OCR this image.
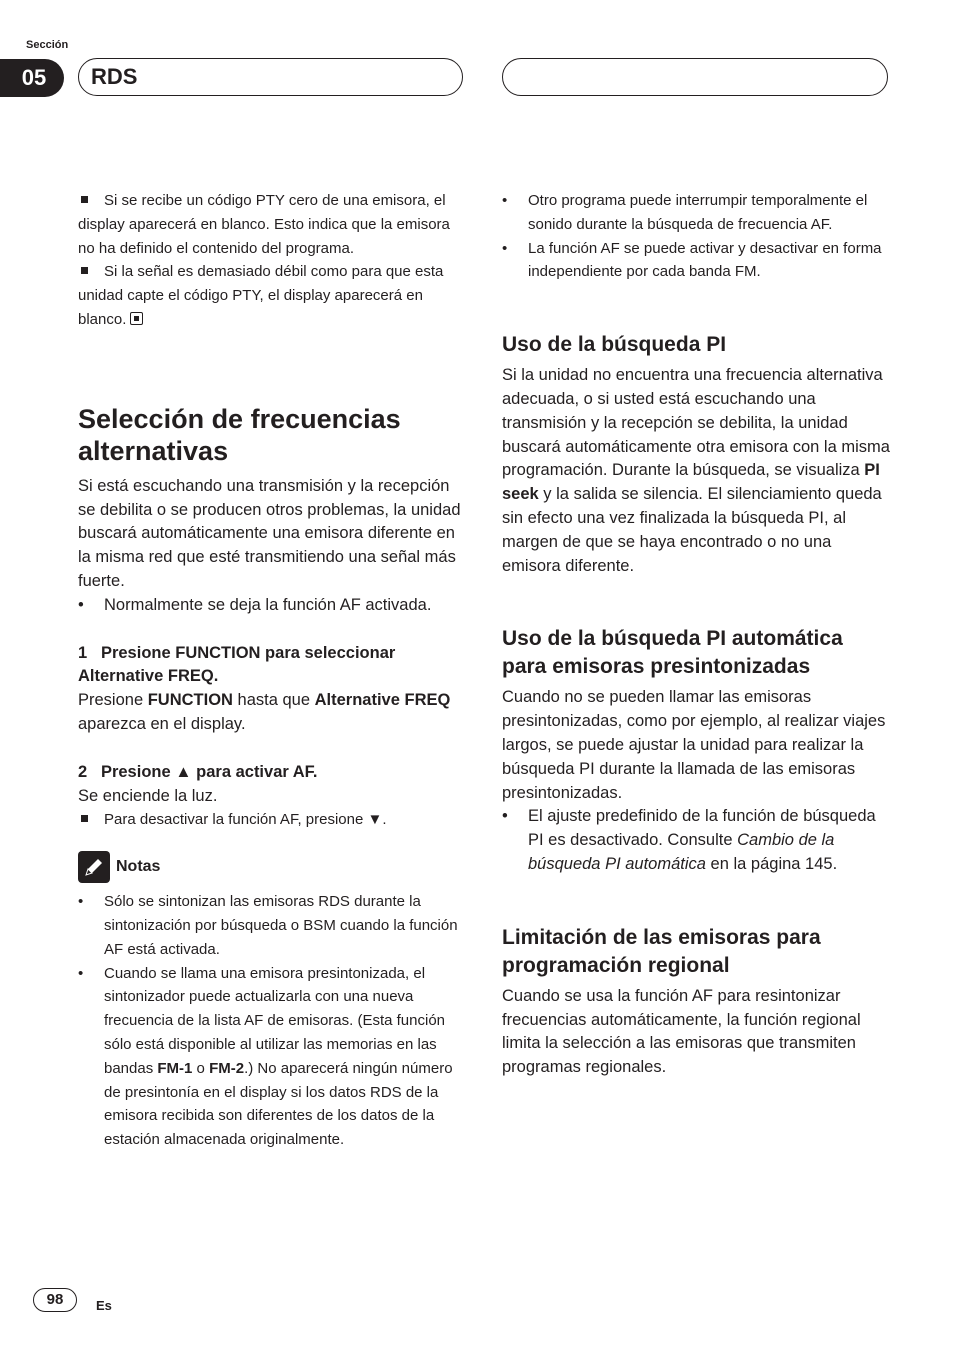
Sección
05	RDS

Si se recibe un código PTY cero de una emisora, el display aparecerá en blanco. Esto indica que la emisora no ha definido el contenido del programa.

Si la señal es demasiado débil como para que esta unidad capte el código PTY, el display aparecerá en blanco.

Selección de frecuencias alternativas

Si está escuchando una transmisión y la recepción se debilita o se producen otros problemas, la unidad buscará automáticamente una emisora diferente en la misma red que esté transmitiendo una señal más fuerte.

•	Normalmente se deja la función AF activada.

1 Presione FUNCTION para seleccionar Alternative FREQ.

Presione FUNCTION hasta que Alternative FREQ aparezca en el display.

2 Presione ▲ para activar AF.

Se enciende la luz.

Para desactivar la función AF, presione ▼.

Notas
•	Sólo se sintonizan las emisoras RDS durante la sintonización por búsqueda o BSM cuando la función AF está activada.
•	Cuando se llama una emisora presintonizada, el sintonizador puede actualizarla con una nueva frecuencia de la lista AF de emisoras. (Esta función sólo está disponible al utilizar las memorias en las bandas FM-1 o FM-2.) No aparecerá ningún número de presintonía en el display si los datos RDS de la emisora recibida son diferentes de los datos de la estación almacenada originalmente.
•	Otro programa puede interrumpir temporalmente el sonido durante la búsqueda de frecuencia AF.
•	La función AF se puede activar y desactivar en forma independiente por cada banda FM.
Uso de la búsqueda PI

Si la unidad no encuentra una frecuencia alternativa adecuada, o si usted está escuchando una transmisión y la recepción se debilita, la unidad buscará automáticamente otra emisora con la misma programación. Durante la búsqueda, se visualiza PI seek y la salida se silencia. El silenciamiento queda sin efecto una vez finalizada la búsqueda PI, al margen de que se haya encontrado o no una emisora diferente.

Uso de la búsqueda PI automática para emisoras presintonizadas

Cuando no se pueden llamar las emisoras presintonizadas, como por ejemplo, al realizar viajes largos, se puede ajustar la unidad para realizar la búsqueda PI durante la llamada de las emisoras presintonizadas.

•	El ajuste predefinido de la función de búsqueda PI es desactivado. Consulte Cambio de la búsqueda PI automática en la página 145.
Limitación de las emisoras para programación regional

Cuando se usa la función AF para resintonizar frecuencias automáticamente, la función regional limita la selección a las emisoras que transmiten programas regionales.

98	Es
